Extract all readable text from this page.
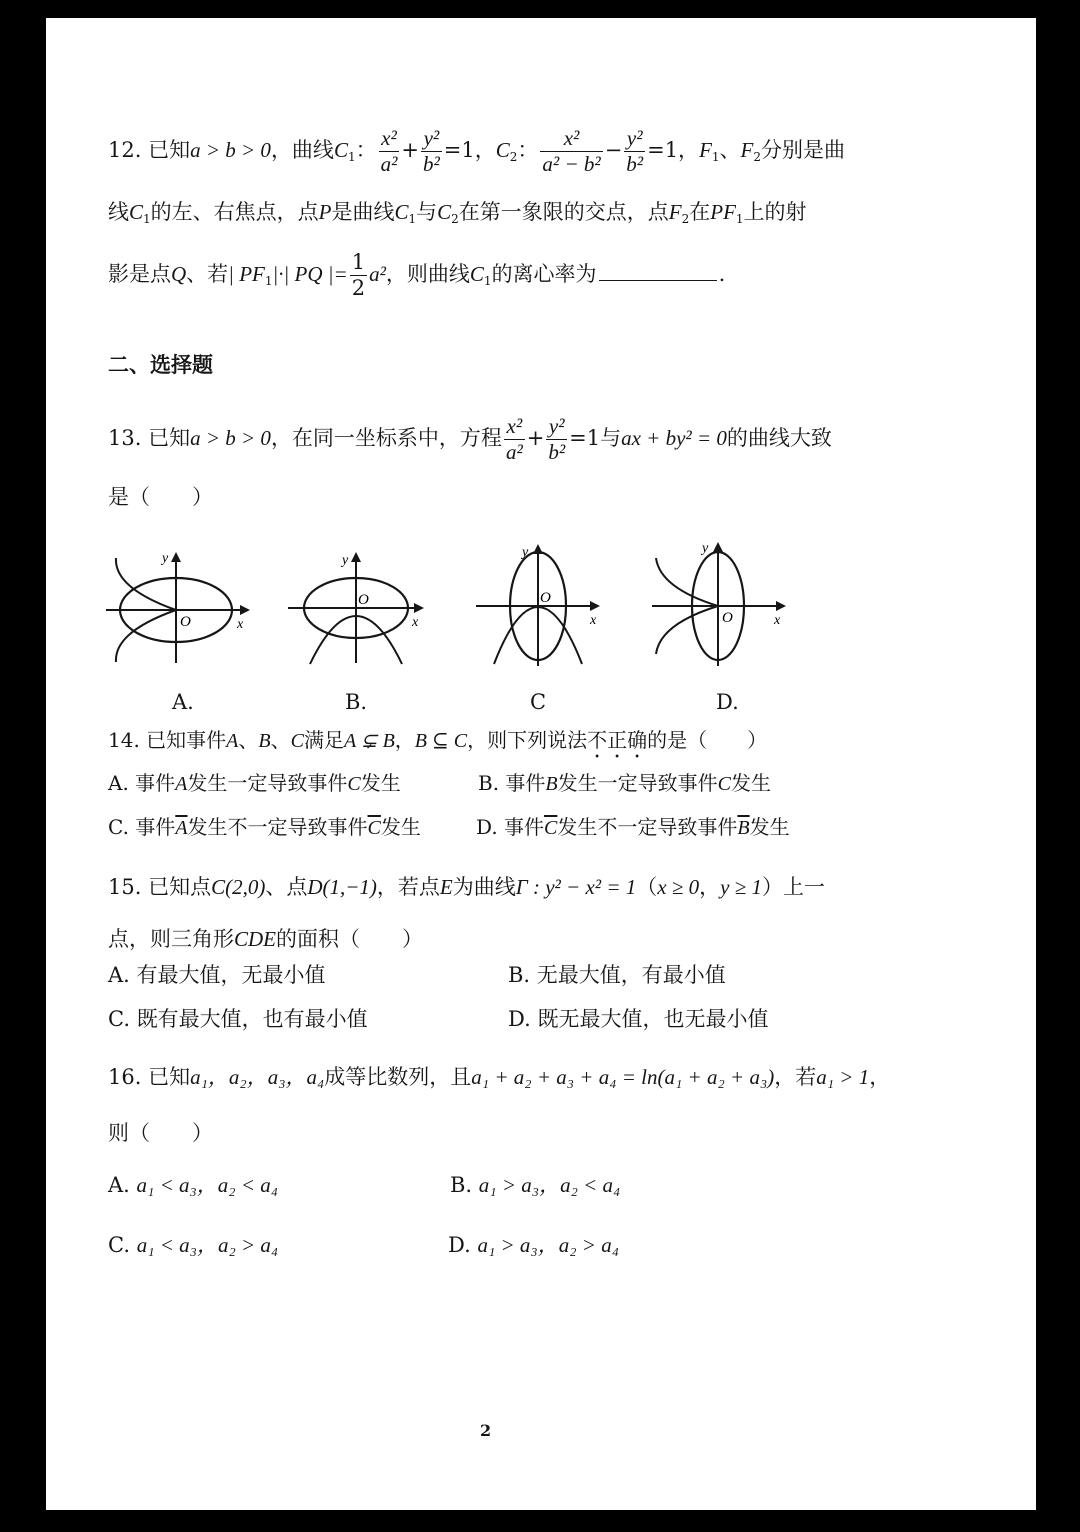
12. 已知a > b > 0，曲线$C_1$： $\frac{\text{x²}}{\text{a²}} + \frac{\text{y²}}{\text{b²}} =1$，$C_2$： $\frac{\text{x²}}{\text{a² − b²}} - \frac{\text{y²}}{\text{b²}} =1$，$F_1$、$F_2$分别是曲
线$C_1$的左、右焦点，点P是曲线$C_1$与$C_2$在第一象限的交点，点$F_2$在$PF_1$上的射
影是点Q、若| $PF_1|\cdot|$ PQ |= $\frac{1}{2} a^2$，则曲线$C_1$的离心率为	.
二、选择题
13. 已知a > b > 0，在同一坐标系中，方程 $\frac{\text{x²}}{\text{a²}} + \frac{\text{y²}}{\text{b²}} =1$与ax + by² = 0的曲线大致
是（　　）
y
x
O
A.
y
x
O
B.
y
x
O
C
y
x
O
D.
14. 已知事件A、B、C满足A ⊊ B，B ⊆ C，则下列说法不正确的是（　　）
A. 事件A发生一定导致事件C发生	B. 事件B发生一定导致事件C发生
C. 事件$\overline{A}$发生不一定导致事件$\overline{C}$发生	D. 事件$\overline{C}$发生不一定导致事件$\overline{B}$发生
15. 已知点C(2,0)、点D(1,−1)，若点E为曲线Γ : y² − x² = 1（x ≥ 0，y ≥ 1）上一
点，则三角形CDE的面积（　　）
A. 有最大值，无最小值	B. 无最大值，有最小值
C. 既有最大值，也有最小值	D. 既无最大值，也无最小值
16. 已知a₁，a₂，a₃，a₄成等比数列，且a₁ + a₂ + a₃ + a₄ = ln(a₁ + a₂ + a₃)，若a₁ > 1，
则（　　）
A. a₁ < a₃，a₂ < a₄	B. a₁ > a₃，a₂ < a₄
C. a₁ < a₃，a₂ > a₄	D. a₁ > a₃，a₂ > a₄
2
